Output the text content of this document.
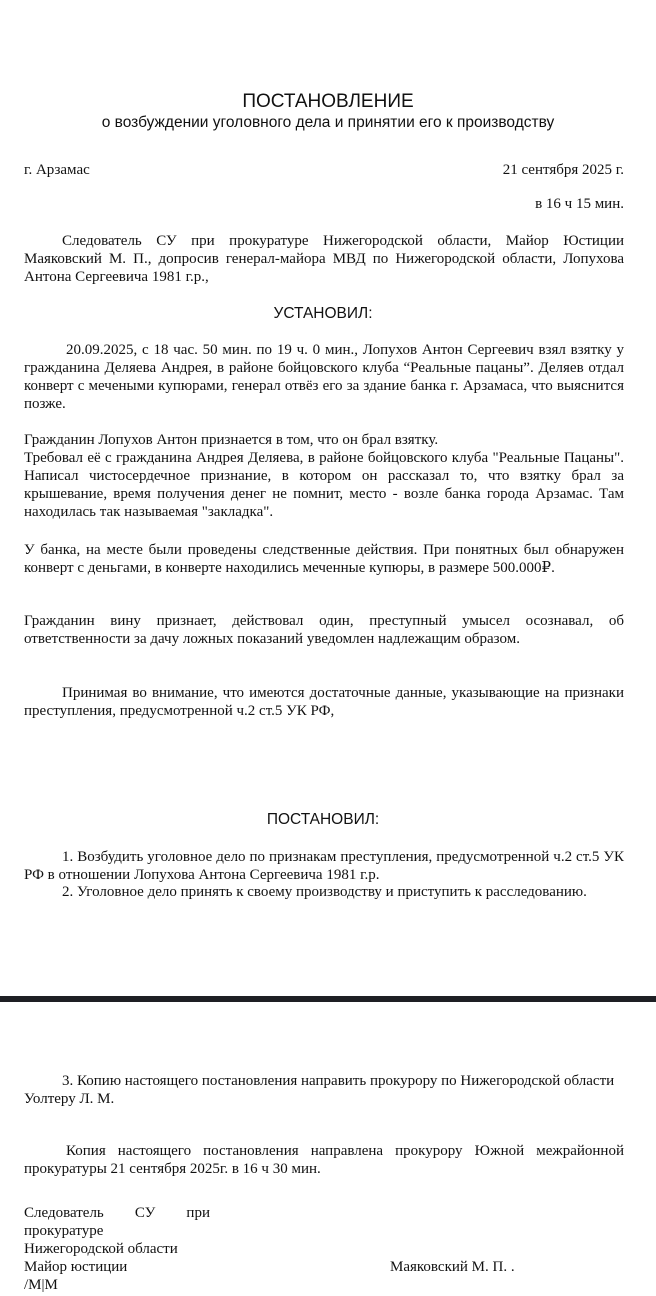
ПОСТАНОВЛЕНИЕ
о возбуждении уголовного дела и принятии его к производству
г. Арзамас	21 сентября 2025 г.
в 16 ч 15 мин.
Следователь СУ при прокуратуре Нижегородской области, Майор Юстиции Маяковский М. П., допросив генерал-майора МВД по Нижегородской области, Лопухова Антона Сергеевича 1981 г.р.,
УСТАНОВИЛ:
20.09.2025, с 18 час. 50 мин. по 19 ч. 0 мин., Лопухов Антон Сергеевич взял взятку у гражданина Деляева Андрея, в районе бойцовского клуба “Реальные пацаны”. Деляев отдал конверт с мечеными купюрами, генерал отвёз его за здание банка г. Арзамаса, что выяснится позже.
Гражданин Лопухов Антон признается в том, что он брал взятку.
Требовал её с гражданина Андрея Деляева, в районе бойцовского клуба "Реальные Пацаны". Написал чистосердечное признание, в котором он рассказал то, что взятку брал за крышевание, время получения денег не помнит, место - возле банка города Арзамас. Там находилась так называемая "закладка".
У банка, на месте были проведены следственные действия. При понятных был обнаружен конверт с деньгами, в конверте находились меченные купюры, в размере 500.000₽.
Гражданин вину признает, действовал один, преступный умысел осознавал, об ответственности за дачу ложных показаний уведомлен надлежащим образом.
Принимая во внимание, что имеются достаточные данные, указывающие на признаки преступления, предусмотренной ч.2 ст.5 УК РФ,
ПОСТАНОВИЛ:
1. Возбудить уголовное дело по признакам преступления, предусмотренной ч.2 ст.5 УК РФ в отношении Лопухова Антона Сергеевича 1981 г.р.
2. Уголовное дело принять к своему производству и приступить к расследованию.
3. Копию настоящего постановления направить прокурору по Нижегородской области Уолтеру Л. М.
Копия настоящего постановления направлена прокурору Южной межрайонной прокуратуры 21 сентября 2025г. в 16 ч 30 мин.
Следователь СУ при
прокуратуре
Нижегородской области
Майор юстиции	Маяковский М. П. .
/М|М
